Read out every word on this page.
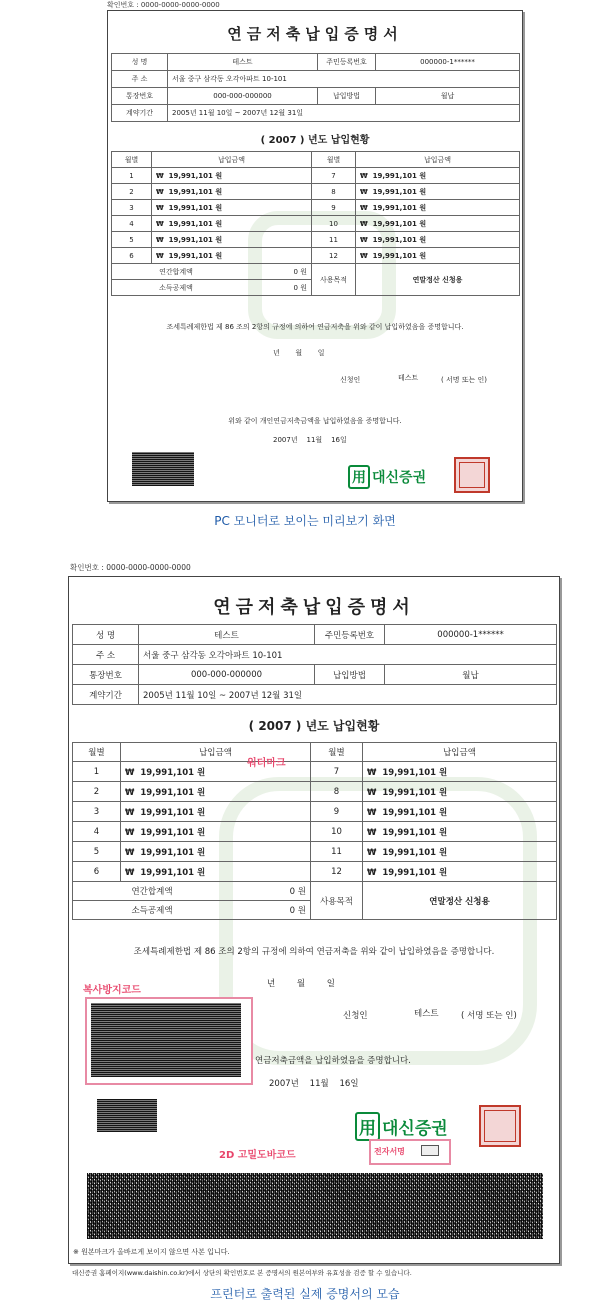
확인번호 : 0000-0000-0000-0000
연금저축납입증명서
성 명	테스트	주민등록번호	000000-1******
주 소	서울 중구 삼각동 오각아파트 10-101		
통장번호	000-000-000000	납입방법	월납
계약기간	2005년 11월 10일 ~ 2007년 12월 31일		
( 2007 ) 년도 납입현황
월별	납입금액	월별	납입금액
1	₩ 19,991,101 원	7	₩ 19,991,101 원
2	₩ 19,991,101 원	8	₩ 19,991,101 원
3	₩ 19,991,101 원	9	₩ 19,991,101 원
4	₩ 19,991,101 원	10	₩ 19,991,101 원
5	₩ 19,991,101 원	11	₩ 19,991,101 원
6	₩ 19,991,101 원	12	₩ 19,991,101 원
연간합계액 0 원		사용목적	연말정산 신청용
소득공제액 0 원			
조세특례제한법 제 86 조의 2항의 규정에 의하여 연금저축을 위와 같이 납입하였음을 증명합니다.
년 월 일
신청인	테스트	( 서명 또는 인)
위와 같이 개인연금저축금액을 납입하였음을 증명합니다.
2007년 11월 16일
用 대신증권
PC 모니터로 보이는 미리보기 화면
확인번호 : 0000-0000-0000-0000
연금저축납입증명서
성 명	테스트	주민등록번호	000000-1******
주 소	서울 중구 삼각동 오각아파트 10-101		
통장번호	000-000-000000	납입방법	월납
계약기간	2005년 11월 10일 ~ 2007년 12월 31일		
( 2007 ) 년도 납입현황
월별	납입금액	월별	납입금액
1	₩ 19,991,101 원	7	₩ 19,991,101 원
2	₩ 19,991,101 원	8	₩ 19,991,101 원
3	₩ 19,991,101 원	9	₩ 19,991,101 원
4	₩ 19,991,101 원	10	₩ 19,991,101 원
5	₩ 19,991,101 원	11	₩ 19,991,101 원
6	₩ 19,991,101 원	12	₩ 19,991,101 원
연간합계액 0 원		사용목적	연말정산 신청용
소득공제액 0 원			
워터마크
조세특례제한법 제 86 조의 2항의 규정에 의하여 연금저축을 위와 같이 납입하였음을 증명합니다.
년	월	일
신청인	테스트	( 서명 또는 인)
복사방지코드
연금저축금액을 납입하였음을 증명합니다.
2007년 11월 16일
用 대신증권
2D 고밀도바코드	전자서명
※ 원본마크가 올바르게 보이지 않으면 사본 입니다.
대신증권 홈페이지(www.daishin.co.kr)에서 상단의 확인번호로 본 증명서의 원본여부와 유효성을 검증 할 수 있습니다.
프린터로 출력된 실제 증명서의 모습
